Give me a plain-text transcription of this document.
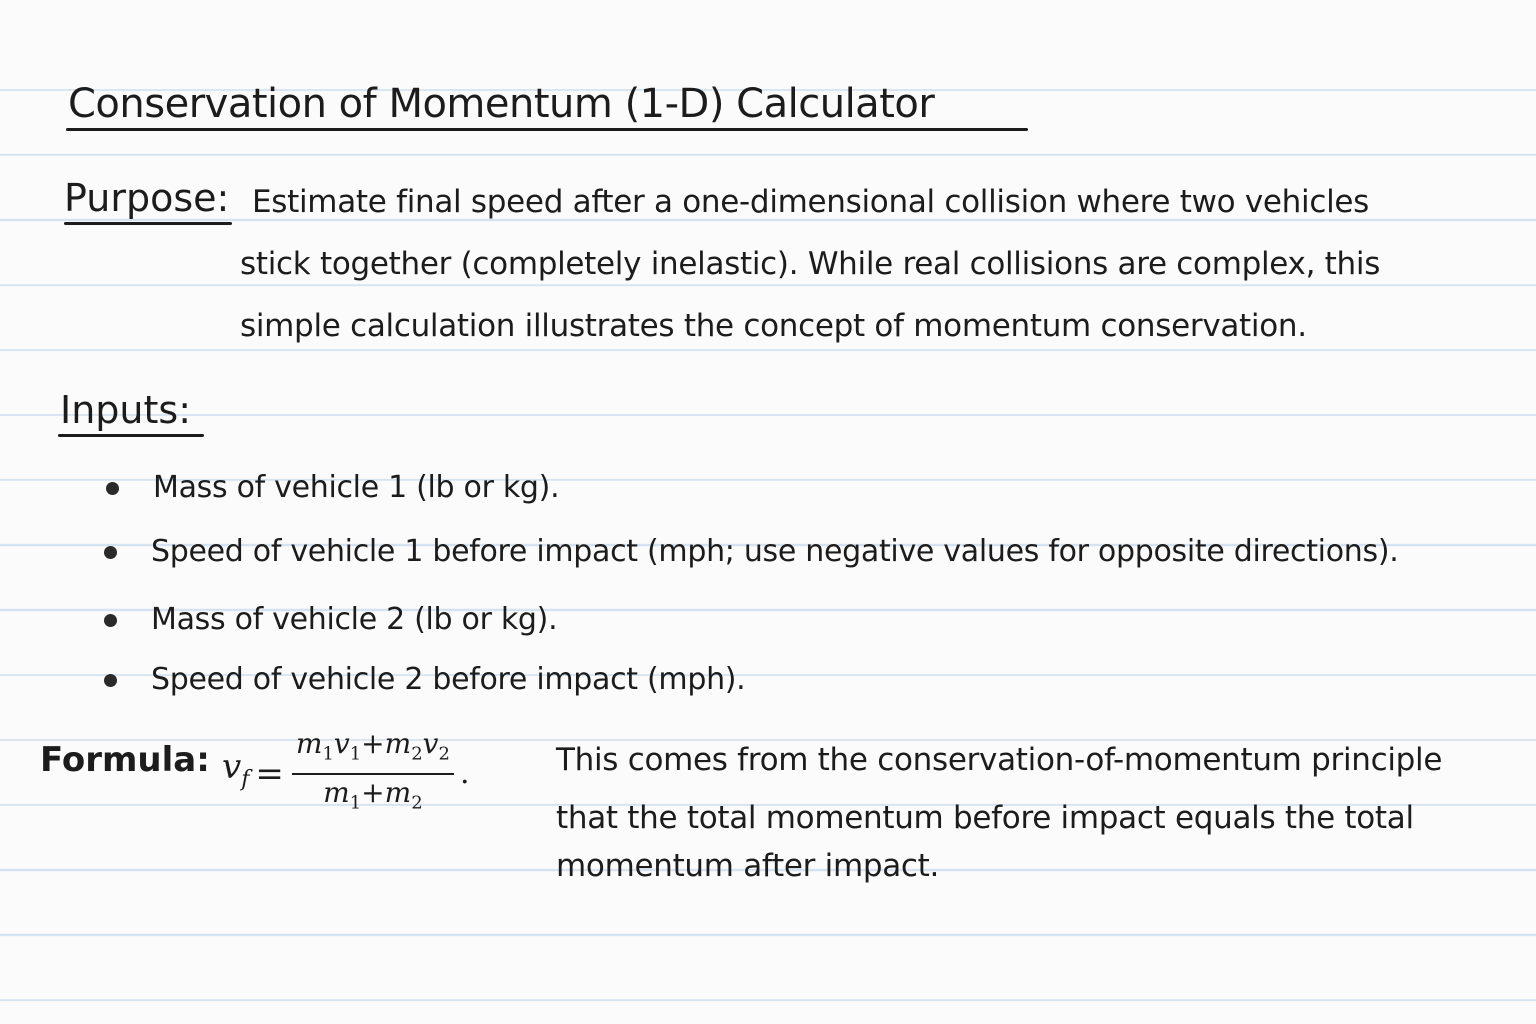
Conservation of Momentum (1-D) Calculator
Purpose: Estimate final speed after a one-dimensional collision where two vehicles
stick together (completely inelastic). While real collisions are complex, this
simple calculation illustrates the concept of momentum conservation.
Inputs:
Mass of vehicle 1 (lb or kg).
Speed of vehicle 1 before impact (mph; use negative values for opposite directions).
Mass of vehicle 2 (lb or kg).
Speed of vehicle 2 before impact (mph).
Formula: $v_f = \frac{m_1v_1+m_2v_2}{m_1+m_2}$ .	This comes from the conservation-of-momentum principle
that the total momentum before impact equals the total
momentum after impact.
